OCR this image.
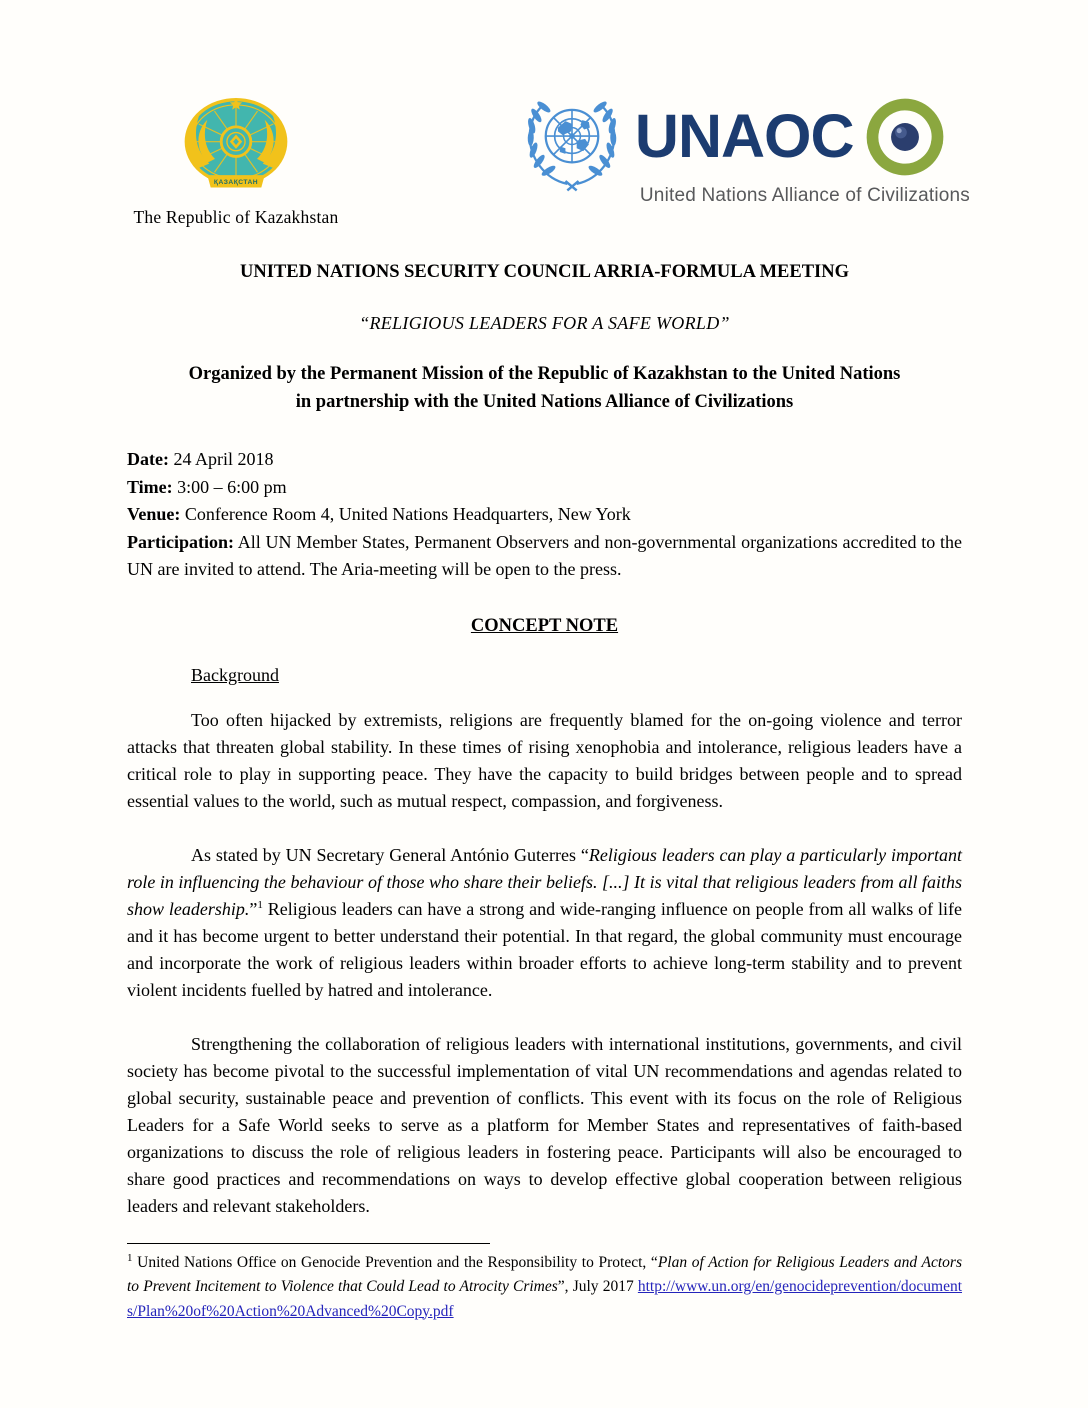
ҚАЗАҚСТАН
The Republic of Kazakhstan
UNAOC
United Nations Alliance of Civilizations
UNITED NATIONS SECURITY COUNCIL ARRIA-FORMULA MEETING
“RELIGIOUS LEADERS FOR A SAFE WORLD”
Organized by the Permanent Mission of the Republic of Kazakhstan to the United Nations
in partnership with the United Nations Alliance of Civilizations
Date: 24 April 2018
Time: 3:00 – 6:00 pm
Venue: Conference Room 4, United Nations Headquarters, New York
Participation: All UN Member States, Permanent Observers and non-governmental organizations accredited to the UN are invited to attend. The Aria-meeting will be open to the press.
CONCEPT NOTE
Background

Too often hijacked by extremists, religions are frequently blamed for the on-going violence and terror attacks that threaten global stability. In these times of rising xenophobia and intolerance, religious leaders have a critical role to play in supporting peace. They have the capacity to build bridges between people and to spread essential values to the world, such as mutual respect, compassion, and forgiveness.

As stated by UN Secretary General António Guterres “Religious leaders can play a particularly important role in influencing the behaviour of those who share their beliefs. [...] It is vital that religious leaders from all faiths show leadership.”$^1$ Religious leaders can have a strong and wide-ranging influence on people from all walks of life and it has become urgent to better understand their potential. In that regard, the global community must encourage and incorporate the work of religious leaders within broader efforts to achieve long-term stability and to prevent violent incidents fuelled by hatred and intolerance.

Strengthening the collaboration of religious leaders with international institutions, governments, and civil society has become pivotal to the successful implementation of vital UN recommendations and agendas related to global security, sustainable peace and prevention of conflicts. This event with its focus on the role of Religious Leaders for a Safe World seeks to serve as a platform for Member States and representatives of faith-based organizations to discuss the role of religious leaders in fostering peace. Participants will also be encouraged to share good practices and recommendations on ways to develop effective global cooperation between religious leaders and relevant stakeholders.

$^1$ United Nations Office on Genocide Prevention and the Responsibility to Protect, “Plan of Action for Religious Leaders and Actors to Prevent Incitement to Violence that Could Lead to Atrocity Crimes”, July 2017 http://www.un.org/en/genocideprevention/documents/Plan%20of%20Action%20Advanced%20Copy.pdf
